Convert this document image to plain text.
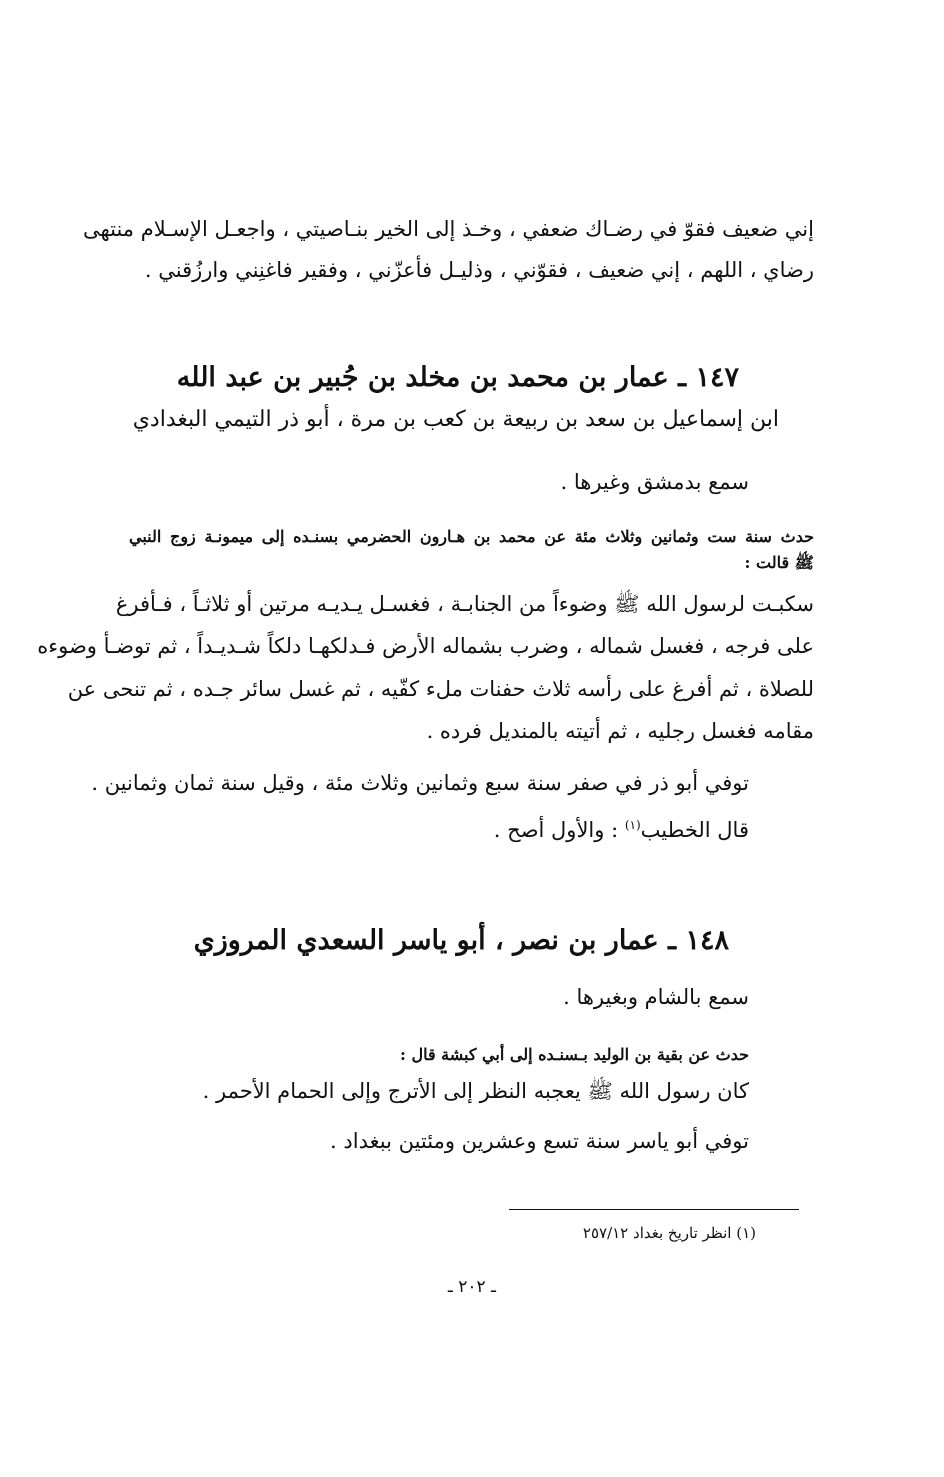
إني ضعيف فقوّ في رضـاك ضعفي ، وخـذ إلى الخير بنـاصيتي ، واجعـل الإسـلام منتهى
رضاي ، اللهم ، إني ضعيف ، فقوّني ، وذليـل فأعزّني ، وفقير فاغنِني وارزُقني .
١٤٧ ـ عمار بن محمد بن مخلد بن جُبير بن عبد الله
ابن إسماعيل بن سعد بن ربيعة بن كعب بن مرة ، أبو ذر التيمي البغدادي
سمع بدمشق وغيرها .
حدث سنة ست وثمانين وثلاث مئة عن محمد بن هـارون الحضرمي بسنـده إلى ميمونـة زوج النبي
ﷺ قالت :
سكبـت لرسول الله ﷺ وضوءاً من الجنابـة ، فغسـل يـديـه مرتين أو ثلاثـاً ، فـأفرغ
على فرجه ، فغسل شماله ، وضرب بشماله الأرض فـدلكهـا دلكاً شـديـداً ، ثم توضـأ وضوءه
للصلاة ، ثم أفرغ على رأسه ثلاث حفنات ملء كفّيه ، ثم غسل سائر جـده ، ثم تنحى عن
مقامه فغسل رجليه ، ثم أتيته بالمنديل فرده .
توفي أبو ذر في صفر سنة سبع وثمانين وثلاث مئة ، وقيل سنة ثمان وثمانين .
قال الخطيب$^{(١)}$ : والأول أصح .
١٤٨ ـ عمار بن نصر ، أبو ياسر السعدي المروزي
سمع بالشام وبغيرها .
حدث عن بقية بن الوليد بـسنـده إلى أبي كبشة قال :
كان رسول الله ﷺ يعجبه النظر إلى الأترج وإلى الحمام الأحمر .
توفي أبو ياسر سنة تسع وعشرين ومئتين ببغداد .
(١) انظر تاريخ بغداد ٢٥٧/١٢
ـ ٢٠٢ ـ
